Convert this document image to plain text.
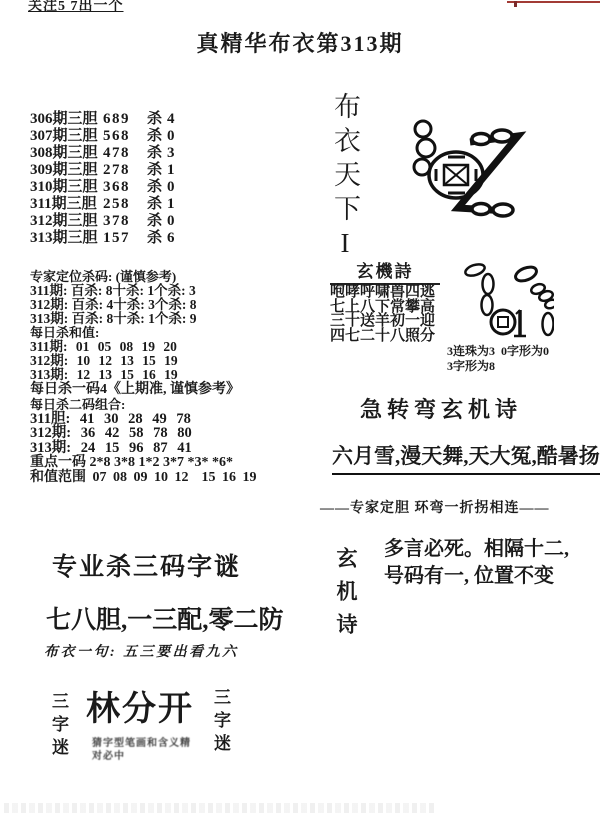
关注5 7出一个
真精华布衣第313期
306期三胆 689	杀 4
307期三胆 568	杀 0
308期三胆 478	杀 3
309期三胆 278	杀 1
310期三胆 368	杀 0
311期三胆 258	杀 1
312期三胆 378	杀 0
313期三胆 157	杀 6
专家定位杀码: (谨慎参考)
311期: 百杀: 8十杀: 1个杀: 3
312期: 百杀: 4十杀: 3个杀: 8
313期: 百杀: 8十杀: 1个杀: 9
每日杀和值:
311期: 01 05 08 19 20
312期: 10 12 13 15 19
313期: 12 13 15 16 19
每日杀一码4《上期准, 谨慎参考》
每日杀二码组合:
311胆: 41 30 28 49 78
312期: 36 42 58 78 80
313期: 24 15 96 87 41
重点一码 2*8 3*8 1*2 3*7 *3* *6*
和值范围 07 08 09 10 12  15 16 19
专业杀三码字谜
七八胆,一三配,零二防
布衣一句: 五三要出看九六
三字迷 林分开 三字迷
猜字型笔画和含义精
对必中
布衣天下I
玄機詩
咆哮呼啸兽四逃
七上八下常攀高
三十送羊初一迎
四七二十八照分
3连珠为3  0字形为0
3字形为8
急转弯玄机诗
六月雪,漫天舞,天大冤,酷暑扬
——专家定胆 环弯一折拐相连——
玄机诗 多言必死。相隔十二,
号码有一, 位置不变
